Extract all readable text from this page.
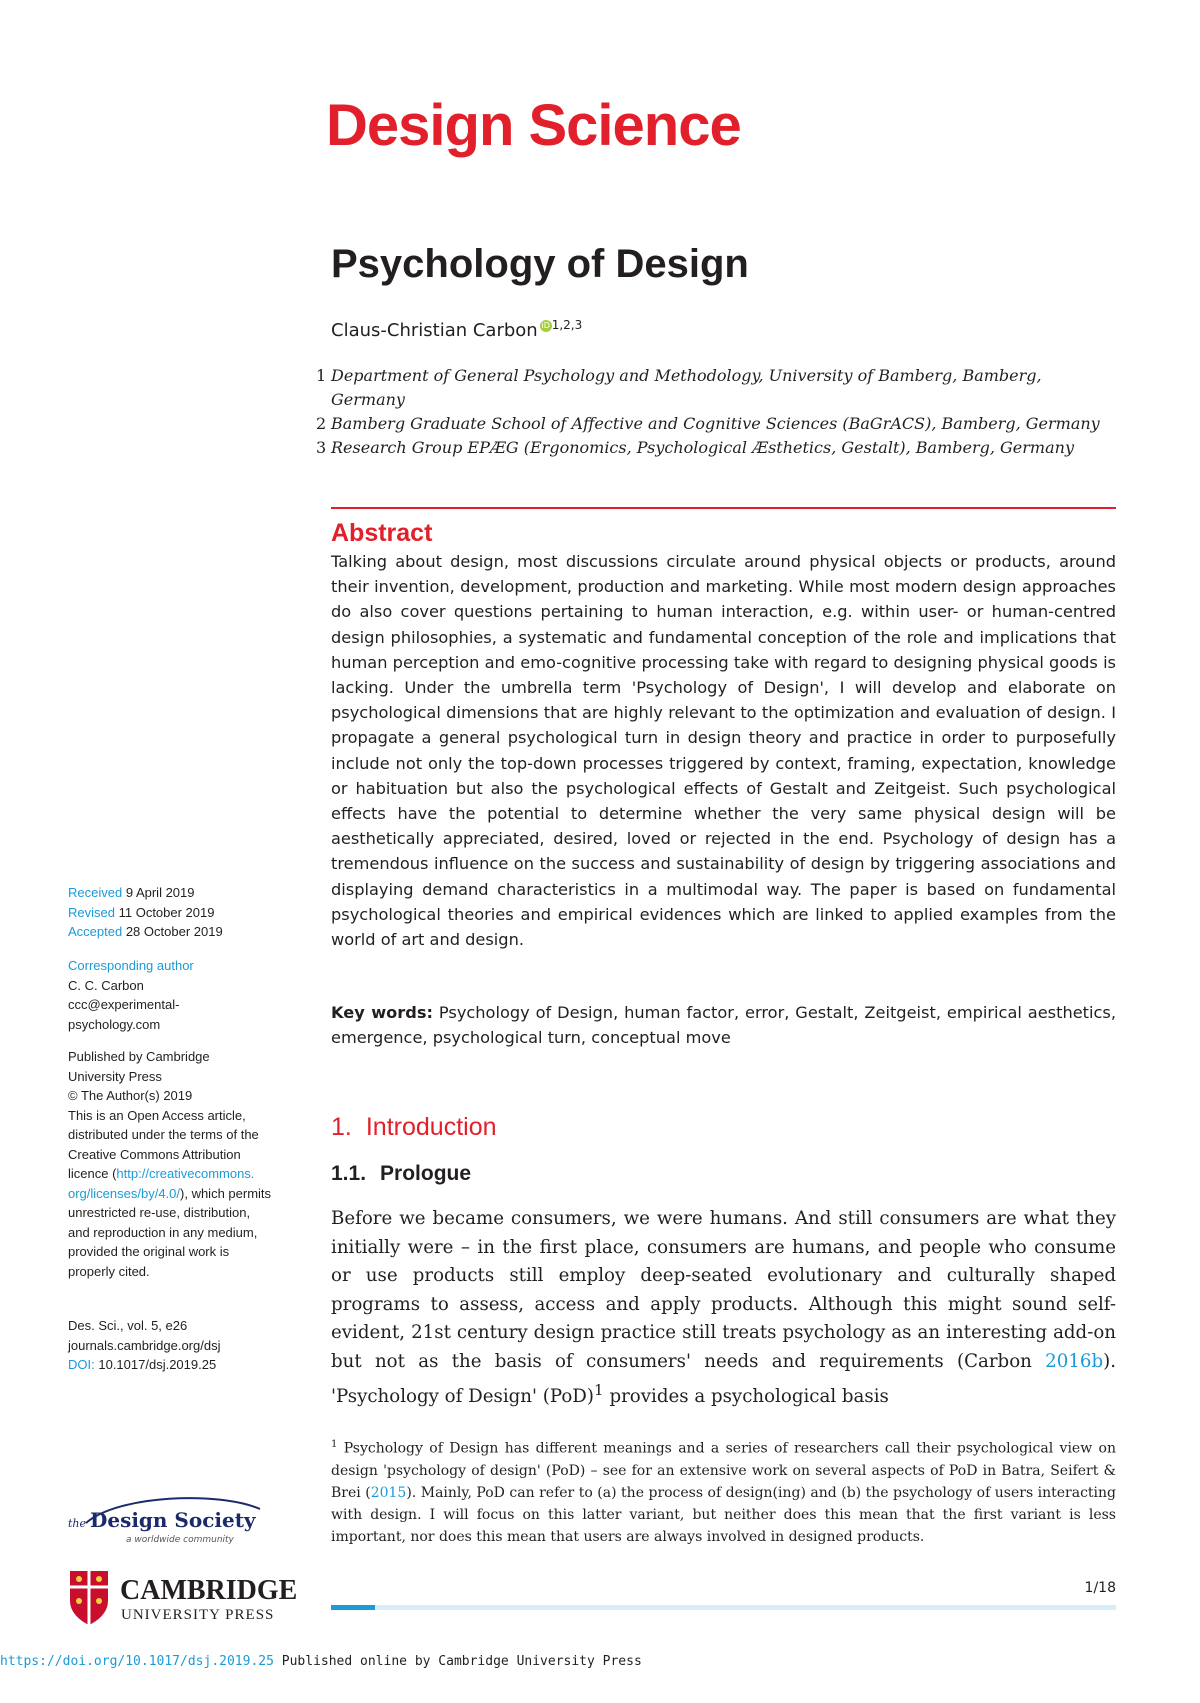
Design Science
Psychology of Design
Claus-Christian Carbon iD $^{1,2,3}$
1 Department of General Psychology and Methodology, University of Bamberg, Bamberg, Germany
2 Bamberg Graduate School of Affective and Cognitive Sciences (BaGrACS), Bamberg, Germany
3 Research Group EPÆG (Ergonomics, Psychological Æsthetics, Gestalt), Bamberg, Germany
Abstract
Talking about design, most discussions circulate around physical objects or products, around their invention, development, production and marketing. While most modern design approaches do also cover questions pertaining to human interaction, e.g. within user- or human-centred design philosophies, a systematic and fundamental conception of the role and implications that human perception and emo-cognitive processing take with regard to designing physical goods is lacking. Under the umbrella term 'Psychology of Design', I will develop and elaborate on psychological dimensions that are highly relevant to the optimization and evaluation of design. I propagate a general psychological turn in design theory and practice in order to purposefully include not only the top-down processes triggered by context, framing, expectation, knowledge or habituation but also the psychological effects of Gestalt and Zeitgeist. Such psychological effects have the potential to determine whether the very same physical design will be aesthetically appreciated, desired, loved or rejected in the end. Psychology of design has a tremendous influence on the success and sustainability of design by triggering associations and displaying demand characteristics in a multimodal way. The paper is based on fundamental psychological theories and empirical evidences which are linked to applied examples from the world of art and design.
Key words: Psychology of Design, human factor, error, Gestalt, Zeitgeist, empirical aesthetics, emergence, psychological turn, conceptual move
1. Introduction
1.1. Prologue
Before we became consumers, we were humans. And still consumers are what they initially were – in the first place, consumers are humans, and people who consume or use products still employ deep-seated evolutionary and culturally shaped programs to assess, access and apply products. Although this might sound self-evident, 21st century design practice still treats psychology as an interesting add-on but not as the basis of consumers' needs and requirements (Carbon 2016b). 'Psychology of Design' (PoD)$^1$ provides a psychological basis
$^1$ Psychology of Design has different meanings and a series of researchers call their psychological view on design 'psychology of design' (PoD) – see for an extensive work on several aspects of PoD in Batra, Seifert & Brei (2015). Mainly, PoD can refer to (a) the process of design(ing) and (b) the psychology of users interacting with design. I will focus on this latter variant, but neither does this mean that the first variant is less important, nor does this mean that users are always involved in designed products.
Received 9 April 2019
Revised 11 October 2019
Accepted 28 October 2019
Corresponding author
C. C. Carbon
ccc@experimental-
psychology.com
Published by Cambridge
University Press
© The Author(s) 2019
This is an Open Access article,
distributed under the terms of the
Creative Commons Attribution
licence (http://creativecommons.
org/licenses/by/4.0/), which permits
unrestricted re-use, distribution,
and reproduction in any medium,
provided the original work is
properly cited.
Des. Sci., vol. 5, e26
journals.cambridge.org/dsj
DOI: 10.1017/dsj.2019.25
the Design Society
a worldwide community
CAMBRIDGE
UNIVERSITY PRESS
1/18
https://doi.org/10.1017/dsj.2019.25 Published online by Cambridge University Press
